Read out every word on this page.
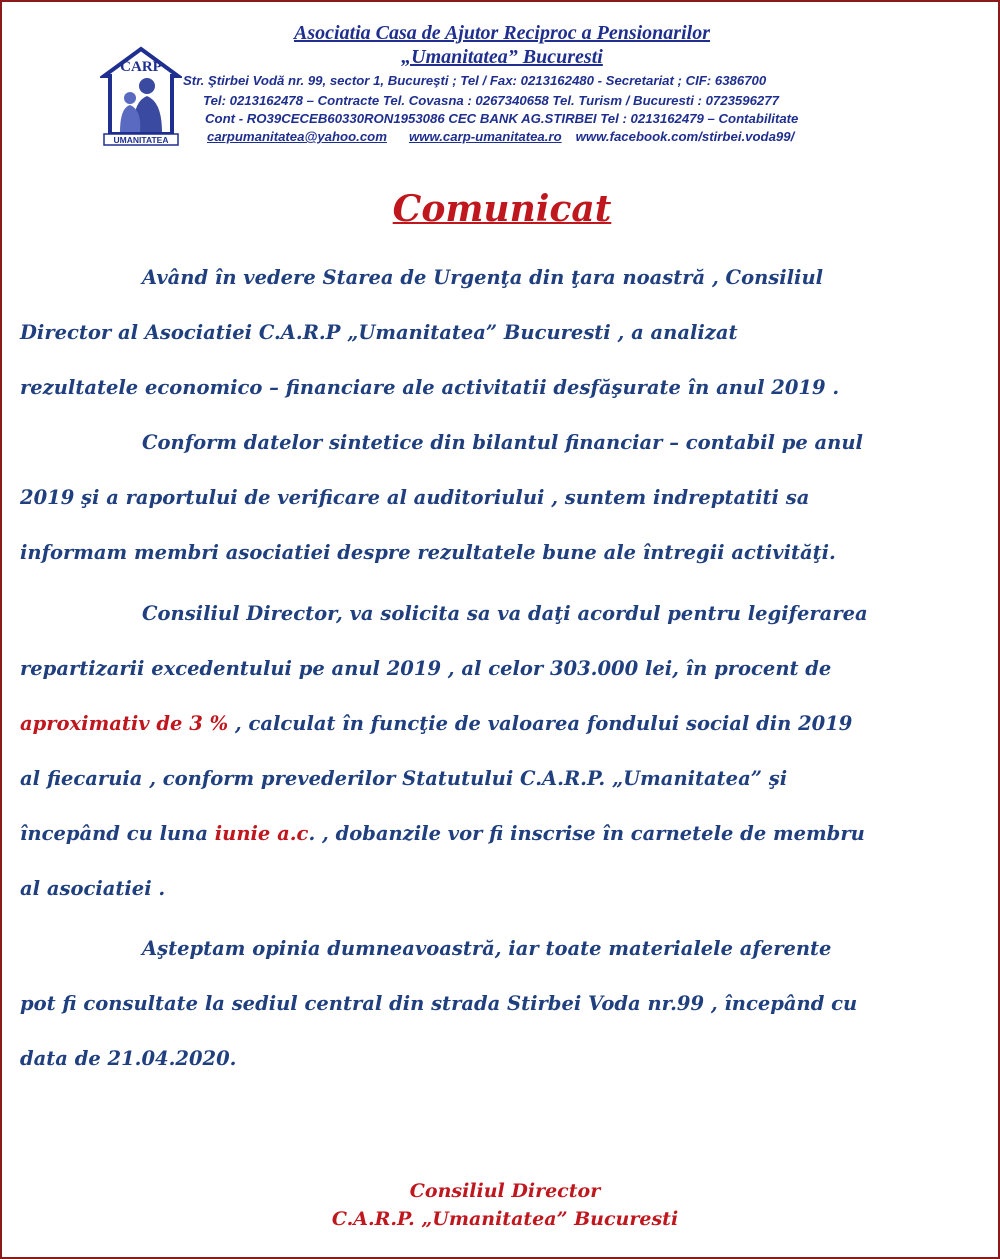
CARP
UMANITATEA
Asociatia Casa de Ajutor Reciproc a Pensionarilor
„Umanitatea” Bucuresti
Str. Ştirbei Vodă nr. 99, sector 1, Bucureşti ; Tel / Fax: 0213162480 - Secretariat ; CIF: 6386700
Tel: 0213162478 – Contracte Tel. Covasna : 0267340658 Tel. Turism / Bucuresti : 0723596277
Cont - RO39CECEB60330RON1953086 CEC BANK AG.STIRBEI Tel : 0213162479 – Contabilitate
carpumanitatea@yahoo.com www.carp-umanitatea.ro www.facebook.com/stirbei.voda99/
Comunicat
Având în vedere Starea de Urgenţa din ţara noastră , Consiliul
Director al Asociatiei C.A.R.P „Umanitatea” Bucuresti , a analizat
rezultatele economico – financiare ale activitatii desfăşurate în anul 2019 .
Conform datelor sintetice din bilantul financiar – contabil pe anul
2019 şi a raportului de verificare al auditoriului , suntem indreptatiti sa
informam membri asociatiei despre rezultatele bune ale întregii activităţi.
Consiliul Director, va solicita sa va daţi acordul pentru legiferarea
repartizarii excedentului pe anul 2019 , al celor 303.000 lei, în procent de
aproximativ de 3 % , calculat în funcţie de valoarea fondului social din 2019
al fiecaruia , conform prevederilor Statutului C.A.R.P. „Umanitatea” şi
începând cu luna iunie a.c. , dobanzile vor fi inscrise în carnetele de membru
al asociatiei .
Aşteptam opinia dumneavoastră, iar toate materialele aferente
pot fi consultate la sediul central din strada Stirbei Voda nr.99 , începând cu
data de 21.04.2020.
Consiliul Director
C.A.R.P. „Umanitatea” Bucuresti
